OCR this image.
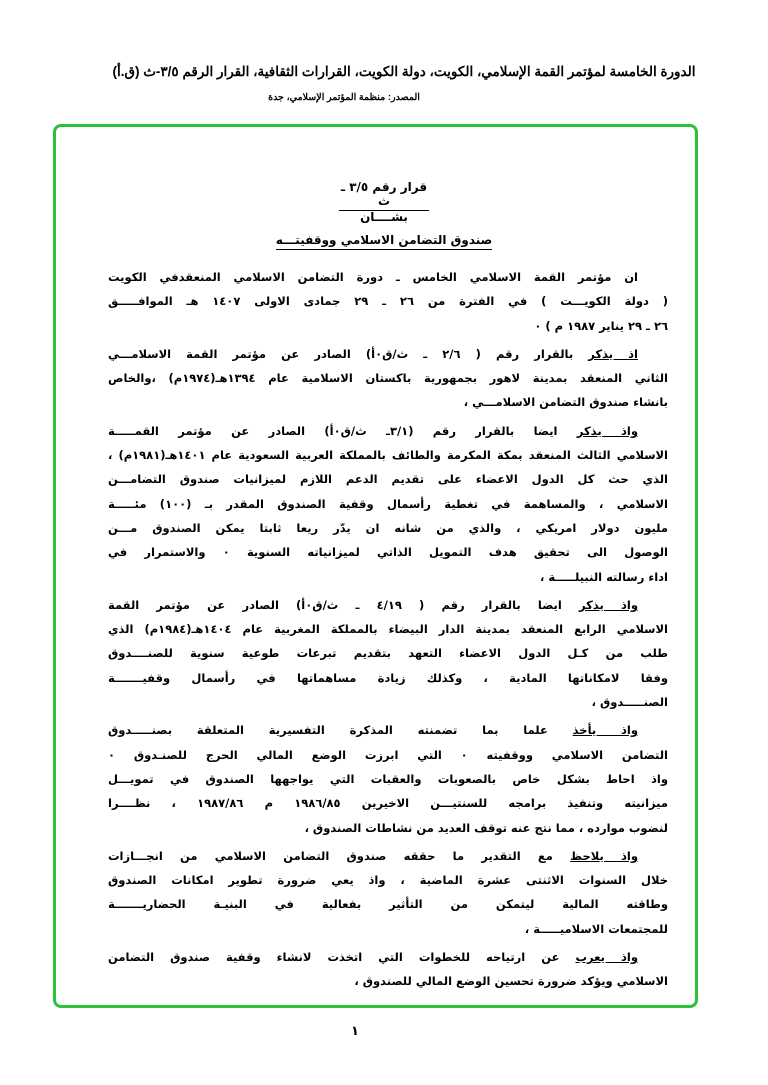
الدورة الخامسة لمؤتمر القمة الإسلامي، الكويت، دولة الكويت، القرارات الثقافية، القرار الرقم ٣/٥-ث (ق.أ)
المصدر: منظمة المؤتمر الإسلامي، جدة
قرار رقم ٣/٥ ـ ث
بشــــان
صندوق التضامن الاسلامي ووقفيتـــه
ان مؤتمر القمة الاسلامي الخامس ـ دورة التضامن الاسلامي المنعقدفي الكويت
( دولة الكويـــت ) في الفترة من ٢٦ ـ ٢٩ جمادى الاولى ١٤٠٧ هـ الموافـــــق
٢٦ ـ ٢٩ يناير ١٩٨٧ م ) ٠
اذ يذكر بالقرار رقم ( ٢/٦ ـ ث/ق٠أ) الصادر عن مؤتمر القمة الاسلامـــي
الثاني المنعقد بمدينة لاهور بجمهورية باكستان الاسلامية عام ١٣٩٤هـ(١٩٧٤م) ،والخاص
بانشاء صندوق التضامن الاسلامـــي ،
واذ يذكر ايضا بالقرار رقم (٣/١ـ ث/ق٠أ) الصادر عن مؤتمر القمـــــة
الاسلامي الثالث المنعقد بمكة المكرمة والطائف بالمملكة العربية السعودية عام ١٤٠١هـ(١٩٨١م) ،
الذي حث كل الدول الاعضاء على تقديم الدعم اللازم لميزانيات صندوق التضامـــن
الاسلامي ، والمساهمة في تغطية رأسمال وقفية الصندوق المقدر بـ (١٠٠) مئـــــة
مليون دولار امريكي ، والذي من شانه ان يدّر ريعا ثابتا يمكن الصندوق مـــن
الوصول الى تحقيق هدف التمويل الذاتي لميزانياته السنوية ٠ والاستمرار في
اداء رسالته النبيلـــــة ،
واذ يذكر ايضا بالقرار رقم ( ٤/١٩ ـ ث/ق٠أ) الصادر عن مؤتمر القمة
الاسلامي الرابع المنعقد بمدينة الدار البيضاء بالمملكة المغربية عام ١٤٠٤هـ(١٩٨٤م) الذي
طلب من كـل الدول الاعضاء التعهد بتقديم تبرعات طوعية سنوية للصنــــدوق
وفقا لامكاناتها المادية ، وكذلك زيادة مساهماتها في رأسمال وقفيـــــــة
الصنـــــدوق ،
واذ يأخذ علما بما تضمنته المذكرة التفسيرية المتعلقة بصنـــــدوق
التضامن الاسلامي ووقفيته ٠ التي ابرزت الوضع المالي الحرج للصنـدوق ٠
واذ احاط بشكل خاص بالصعوبات والعقبات التي يواجهها الصندوق في تمويـــل
ميزانيته وتنفيذ برامجه للسنتيـــن الاخيرين ١٩٨٦/٨٥ م ١٩٨٧/٨٦ ، نظــــرا
لنضوب موارده ، مما نتج عنه توقف العديد من نشاطات الصندوق ،
واذ يلاحظ مع التقدير ما حققه صندوق التضامن الاسلامي من انجـــازات
خلال السنوات الاثنتى عشرة الماضية ، واذ يعي ضرورة تطوير امكانات الصندوق
وطاقته المالية ليتمكن من التأثير بفعالية في البنيـة الحضاريـــــــة
للمجتمعات الاسلاميـــــة ،
واذ يعرب عن ارتياحه للخطوات التي اتخذت لانشاء وقفية صندوق التضامن
الاسلامي ويؤكد ضرورة تحسين الوضع المالي للصندوق ،
١
